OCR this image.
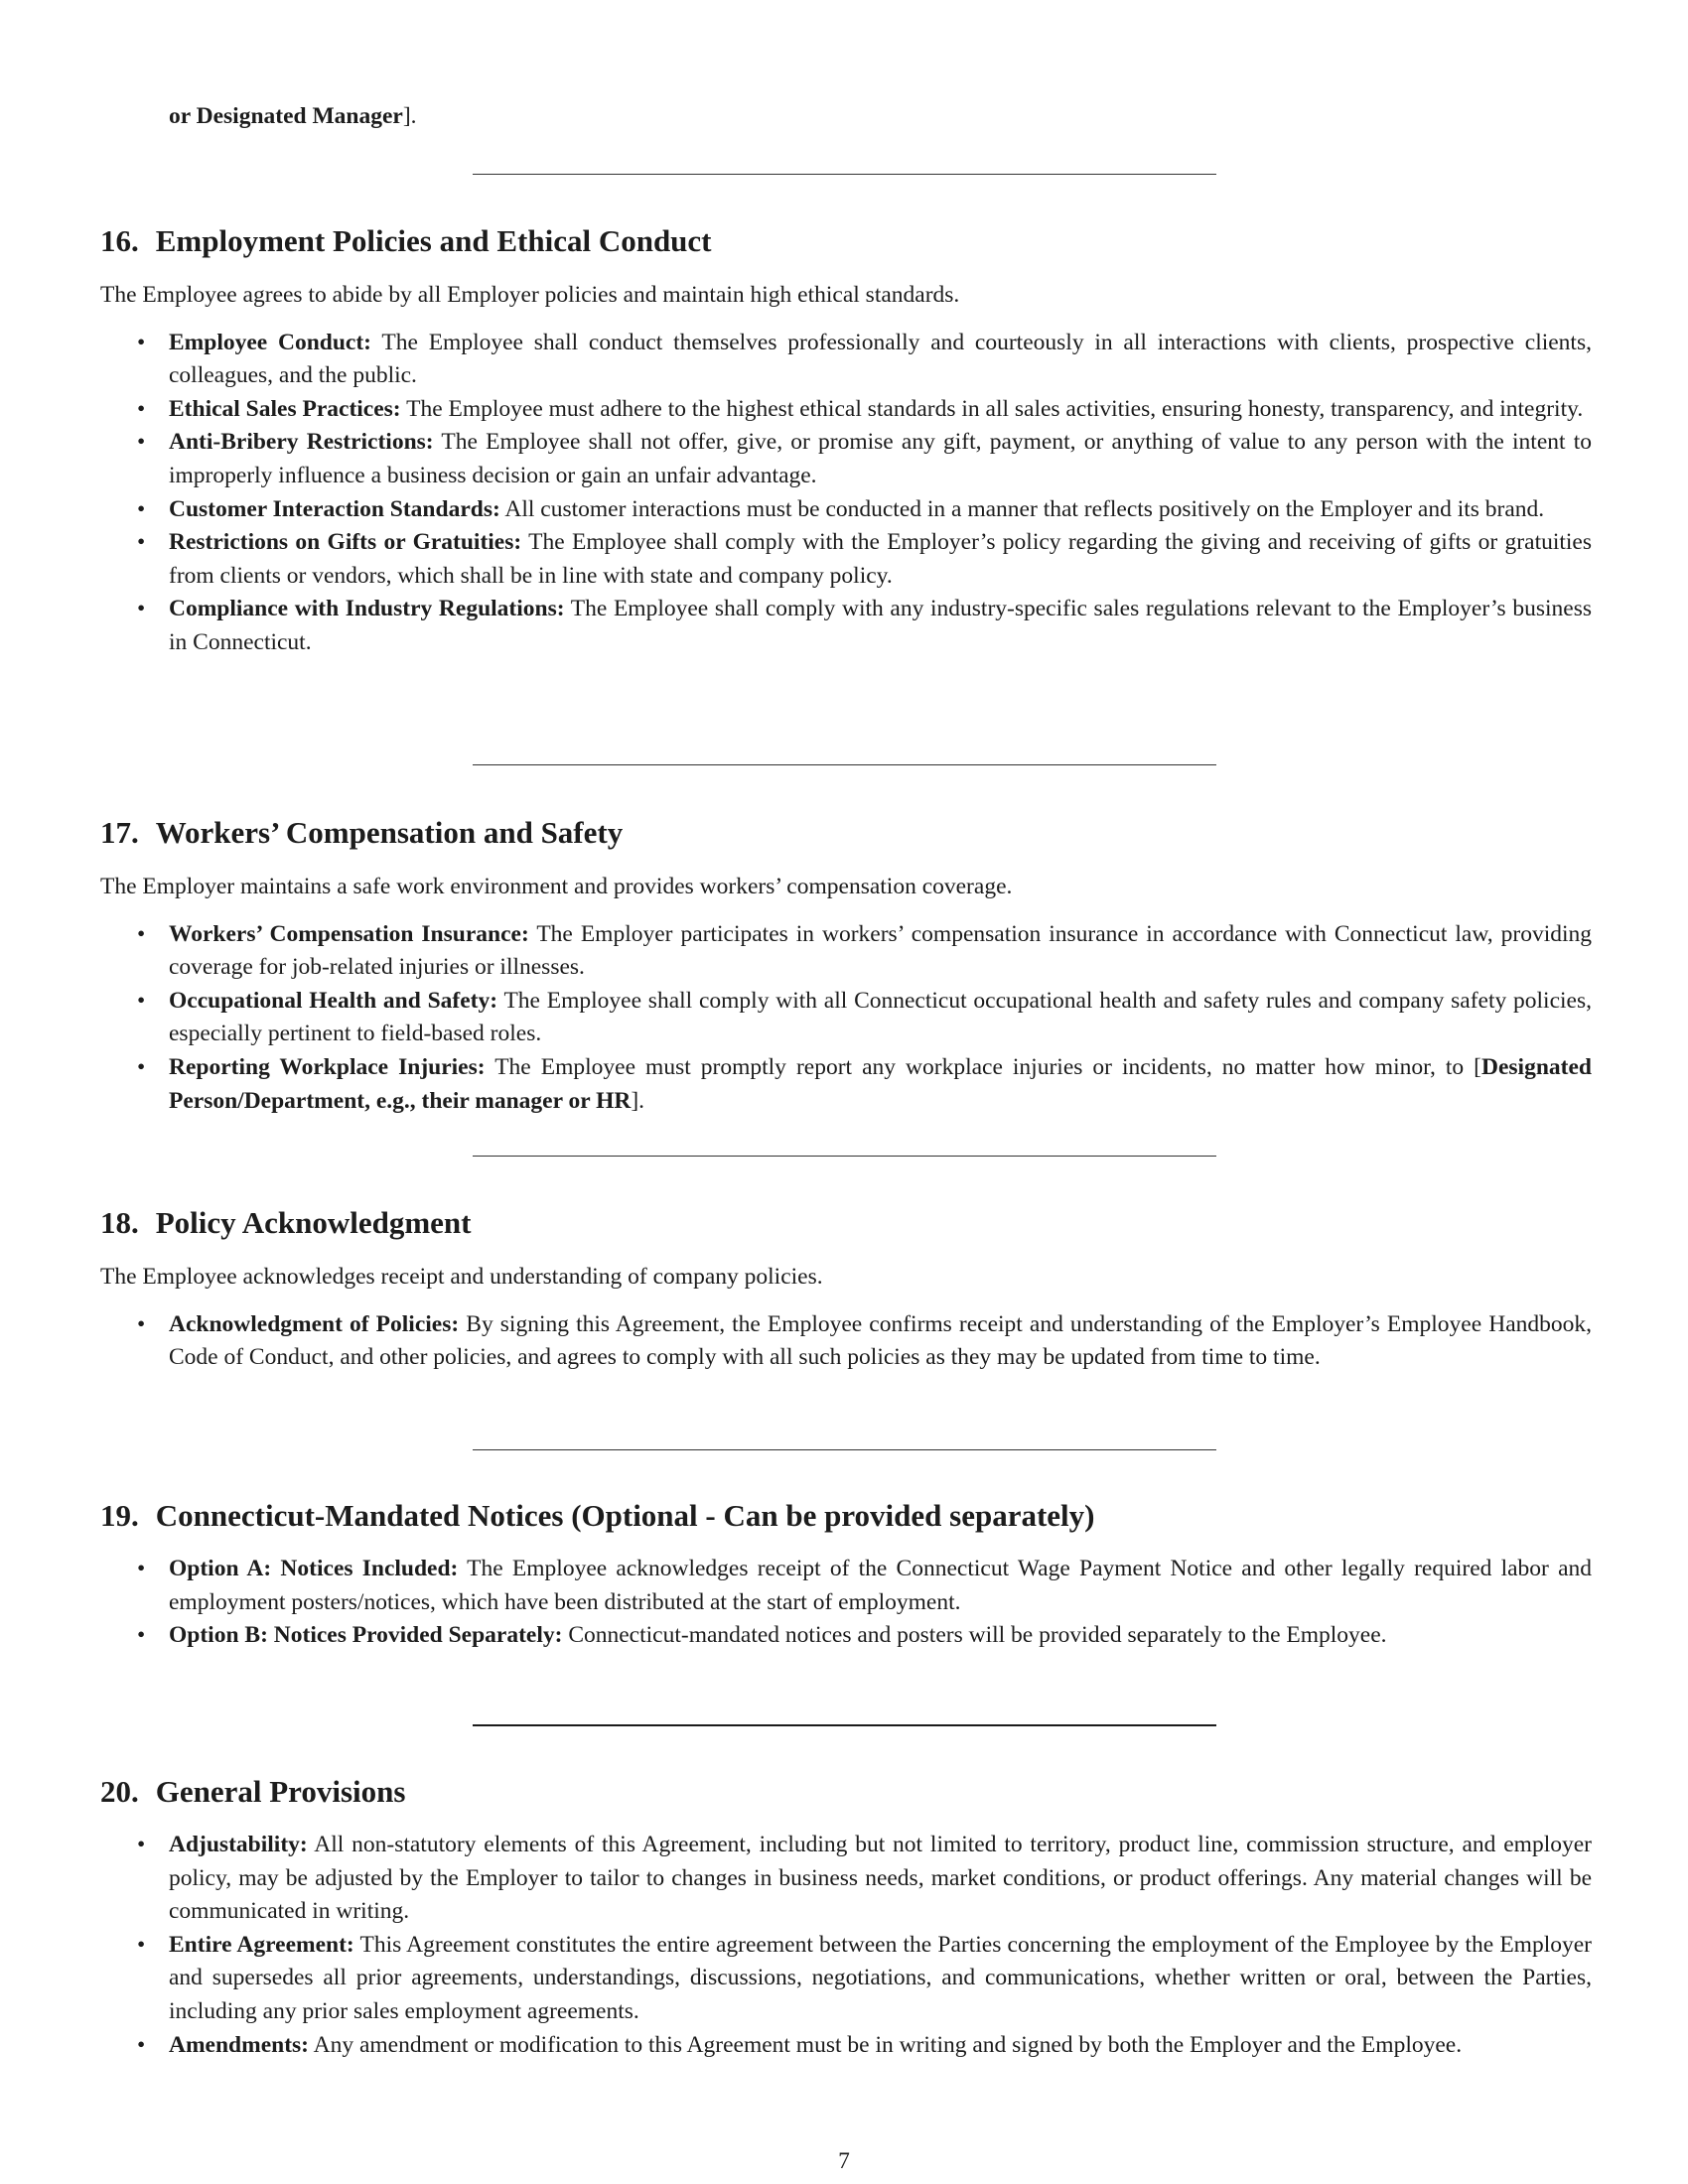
or Designated Manager].
16. Employment Policies and Ethical Conduct

The Employee agrees to abide by all Employer policies and maintain high ethical standards.

• Employee Conduct: The Employee shall conduct themselves professionally and courteously in all interactions with clients, prospective clients, colleagues, and the public.
• Ethical Sales Practices: The Employee must adhere to the highest ethical standards in all sales activities, ensuring honesty, transparency, and integrity.
• Anti-Bribery Restrictions: The Employee shall not offer, give, or promise any gift, payment, or anything of value to any person with the intent to improperly influence a business decision or gain an unfair advantage.
• Customer Interaction Standards: All customer interactions must be conducted in a manner that reflects positively on the Employer and its brand.
• Restrictions on Gifts or Gratuities: The Employee shall comply with the Employer’s policy regarding the giving and receiving of gifts or gratuities from clients or vendors, which shall be in line with state and company policy.
• Compliance with Industry Regulations: The Employee shall comply with any industry-specific sales regulations relevant to the Employer’s business in Connecticut.
17. Workers’ Compensation and Safety

The Employer maintains a safe work environment and provides workers’ compensation coverage.

• Workers’ Compensation Insurance: The Employer participates in workers’ compensation insurance in accordance with Connecticut law, providing coverage for job-related injuries or illnesses.
• Occupational Health and Safety: The Employee shall comply with all Connecticut occupational health and safety rules and company safety policies, especially pertinent to field-based roles.
• Reporting Workplace Injuries: The Employee must promptly report any workplace injuries or incidents, no matter how minor, to [Designated Person/Department, e.g., their manager or HR].
18. Policy Acknowledgment

The Employee acknowledges receipt and understanding of company policies.

• Acknowledgment of Policies: By signing this Agreement, the Employee confirms receipt and understanding of the Employer’s Employee Handbook, Code of Conduct, and other policies, and agrees to comply with all such policies as they may be updated from time to time.
19. Connecticut-Mandated Notices (Optional - Can be provided separately)
• Option A: Notices Included: The Employee acknowledges receipt of the Connecticut Wage Payment Notice and other legally required labor and employment posters/notices, which have been distributed at the start of employment.
• Option B: Notices Provided Separately: Connecticut-mandated notices and posters will be provided separately to the Employee.
20. General Provisions
• Adjustability: All non-statutory elements of this Agreement, including but not limited to territory, product line, commission structure, and employer policy, may be adjusted by the Employer to tailor to changes in business needs, market conditions, or product offerings. Any material changes will be communicated in writing.
• Entire Agreement: This Agreement constitutes the entire agreement between the Parties concerning the employment of the Employee by the Employer and supersedes all prior agreements, understandings, discussions, negotiations, and communications, whether written or oral, between the Parties, including any prior sales employment agreements.
• Amendments: Any amendment or modification to this Agreement must be in writing and signed by both the Employer and the Employee.
7
